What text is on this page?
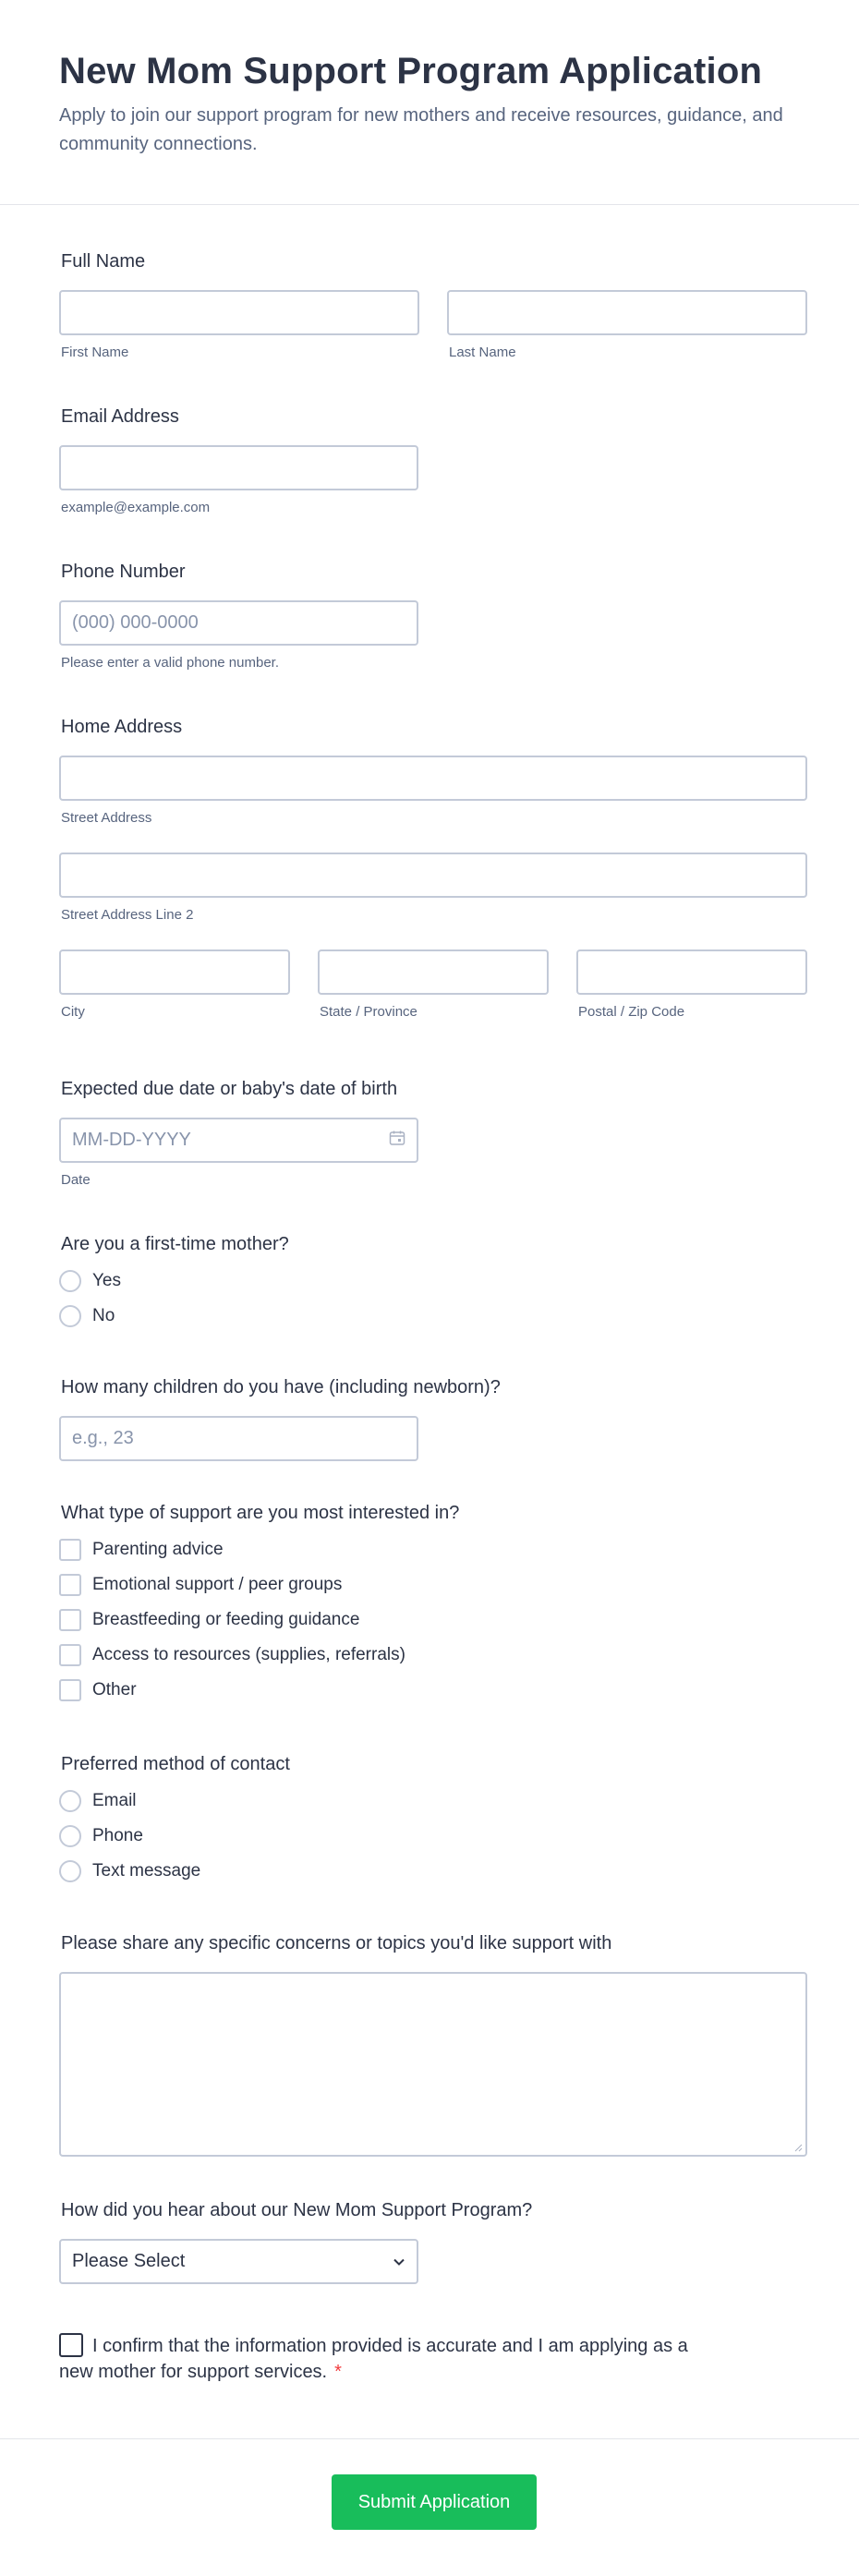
New Mom Support Program Application
Apply to join our support program for new mothers and receive resources, guidance, and community connections.
Full Name
First Name	Last Name
Email Address
example@example.com
Phone Number
(000) 000-0000
Please enter a valid phone number.
Home Address
Street Address
Street Address Line 2
City	State / Province	Postal / Zip Code
Expected due date or baby's date of birth
MM-DD-YYYY
Date
Are you a first-time mother?
Yes
No
How many children do you have (including newborn)?
e.g., 23
What type of support are you most interested in?
Parenting advice
Emotional support / peer groups
Breastfeeding or feeding guidance
Access to resources (supplies, referrals)
Other
Preferred method of contact
Email
Phone
Text message
Please share any specific concerns or topics you'd like support with
How did you hear about our New Mom Support Program?
Please Select
I confirm that the information provided is accurate and I am applying as a new mother for support services. *
Submit Application
